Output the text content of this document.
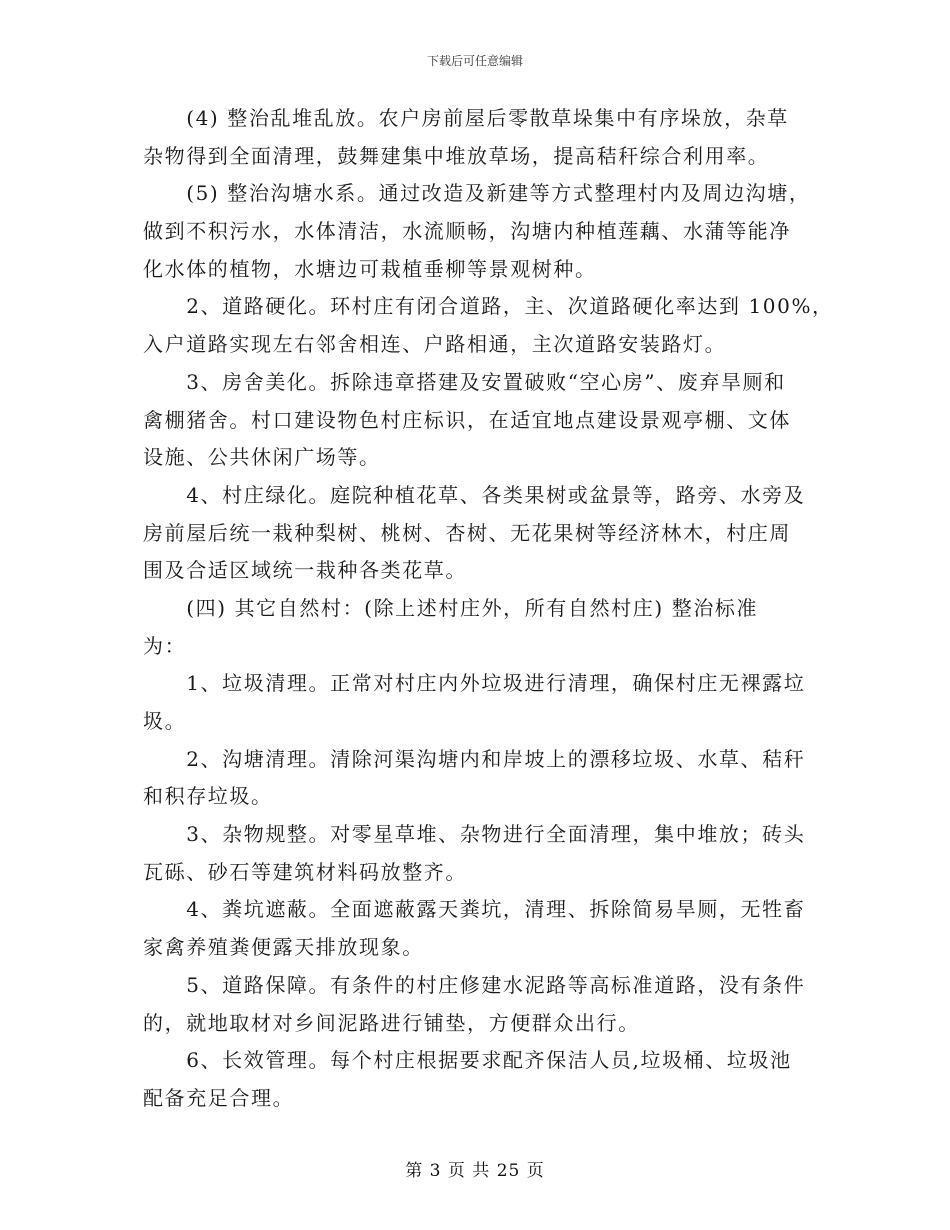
下载后可任意编辑
　　(4) 整治乱堆乱放。农户房前屋后零散草垛集中有序垛放，杂草
杂物得到全面清理，鼓舞建集中堆放草场，提高秸秆综合利用率。
　　(5) 整治沟塘水系。通过改造及新建等方式整理村内及周边沟塘，
做到不积污水，水体清洁，水流顺畅，沟塘内种植莲藕、水蒲等能净
化水体的植物，水塘边可栽植垂柳等景观树种。
　　2、道路硬化。环村庄有闭合道路，主、次道路硬化率达到 100%，
入户道路实现左右邻舍相连、户路相通，主次道路安装路灯。
　　3、房舍美化。拆除违章搭建及安置破败“空心房”、废弃旱厕和
禽棚猪舍。村口建设物色村庄标识，在适宜地点建设景观亭棚、文体
设施、公共休闲广场等。
　　4、村庄绿化。庭院种植花草、各类果树或盆景等，路旁、水旁及
房前屋后统一栽种梨树、桃树、杏树、无花果树等经济林木，村庄周
围及合适区域统一栽种各类花草。
　　(四) 其它自然村：(除上述村庄外，所有自然村庄) 整治标准
为：
　　1、垃圾清理。正常对村庄内外垃圾进行清理，确保村庄无裸露垃
圾。
　　2、沟塘清理。清除河渠沟塘内和岸坡上的漂移垃圾、水草、秸秆
和积存垃圾。
　　3、杂物规整。对零星草堆、杂物进行全面清理，集中堆放；砖头
瓦砾、砂石等建筑材料码放整齐。
　　4、粪坑遮蔽。全面遮蔽露天粪坑，清理、拆除简易旱厕，无牲畜
家禽养殖粪便露天排放现象。
　　5、道路保障。有条件的村庄修建水泥路等高标准道路，没有条件
的，就地取材对乡间泥路进行铺垫，方便群众出行。
　　6、长效管理。每个村庄根据要求配齐保洁人员,垃圾桶、垃圾池
配备充足合理。
第 3 页 共 25 页
